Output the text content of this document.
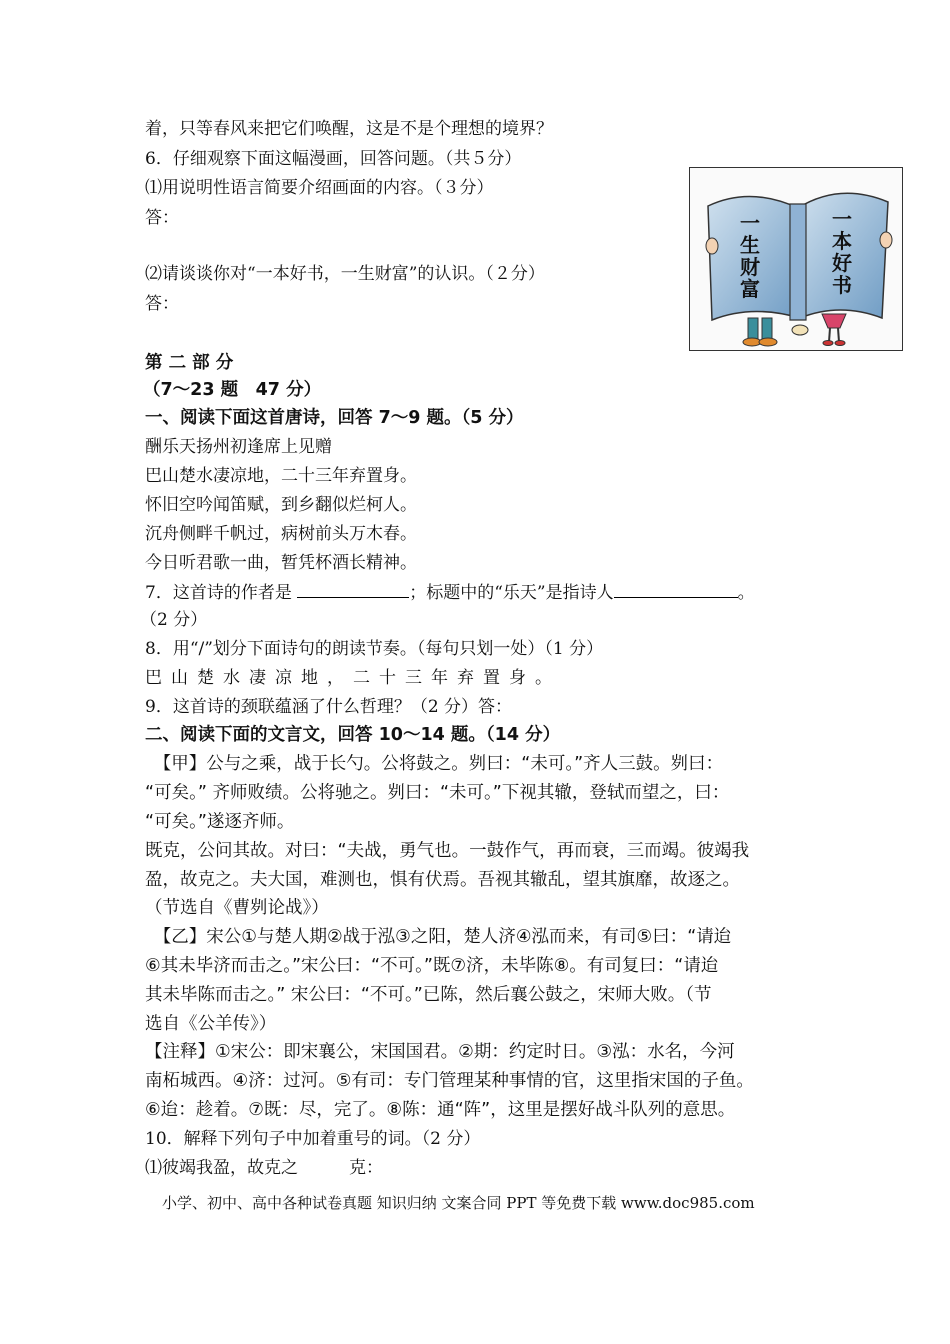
着，只等春风来把它们唤醒，这是不是个理想的境界？
6．仔细观察下面这幅漫画，回答问题。（共５分）
⑴用说明性语言简要介绍画面的内容。（３分）
答：
⑵请谈谈你对“一本好书，一生财富”的认识。（２分）
答：
一生财富
一本好书
第 二 部 分
（7～23 题　47 分）
一、阅读下面这首唐诗，回答 7～9 题。（5 分）
酬乐天扬州初逢席上见赠
巴山楚水凄凉地，二十三年弃置身。
怀旧空吟闻笛赋，到乡翻似烂柯人。
沉舟侧畔千帆过，病树前头万木春。
今日听君歌一曲，暂凭杯酒长精神。
7．这首诗的作者是	；标题中的“乐天”是指诗人	。
（2 分）
8．用“/”划分下面诗句的朗读节奏。（每句只划一处）（1 分）
巴山楚水凄凉地，二十三年弃置身。
9．这首诗的颈联蕴涵了什么哲理？（2 分）答：
二、阅读下面的文言文，回答 10～14 题。（14 分）
　【甲】公与之乘，战于长勺。公将鼓之。刿曰：“未可。”齐人三鼓。刿曰：
“可矣。” 齐师败绩。公将驰之。刿曰：“未可。”下视其辙，登轼而望之，曰：
“可矣。”遂逐齐师。
既克，公问其故。对曰：“夫战，勇气也。一鼓作气，再而衰，三而竭。彼竭我
盈，故克之。夫大国，难测也，惧有伏焉。吾视其辙乱，望其旗靡，故逐之。
（节选自《曹刿论战》）
　【乙】宋公①与楚人期②战于泓③之阳，楚人济④泓而来，有司⑤曰：“请迨
⑥其未毕济而击之。”宋公曰：“不可。”既⑦济，未毕陈⑧。有司复曰：“请迨
其未毕陈而击之。” 宋公曰：“不可。”已陈，然后襄公鼓之，宋师大败。（节
选自《公羊传》）
【注释】①宋公：即宋襄公，宋国国君。②期：约定时日。③泓：水名，今河
南柘城西。④济：过河。⑤有司：专门管理某种事情的官，这里指宋国的子鱼。
⑥迨：趁着。⑦既：尽，完了。⑧陈：通“阵”，这里是摆好战斗队列的意思。
10．解释下列句子中加着重号的词。（2 分）
⑴彼竭我盈，故克之　　　克：
小学、初中、高中各种试卷真题 知识归纳 文案合同 PPT 等免费下载 www.doc985.com
